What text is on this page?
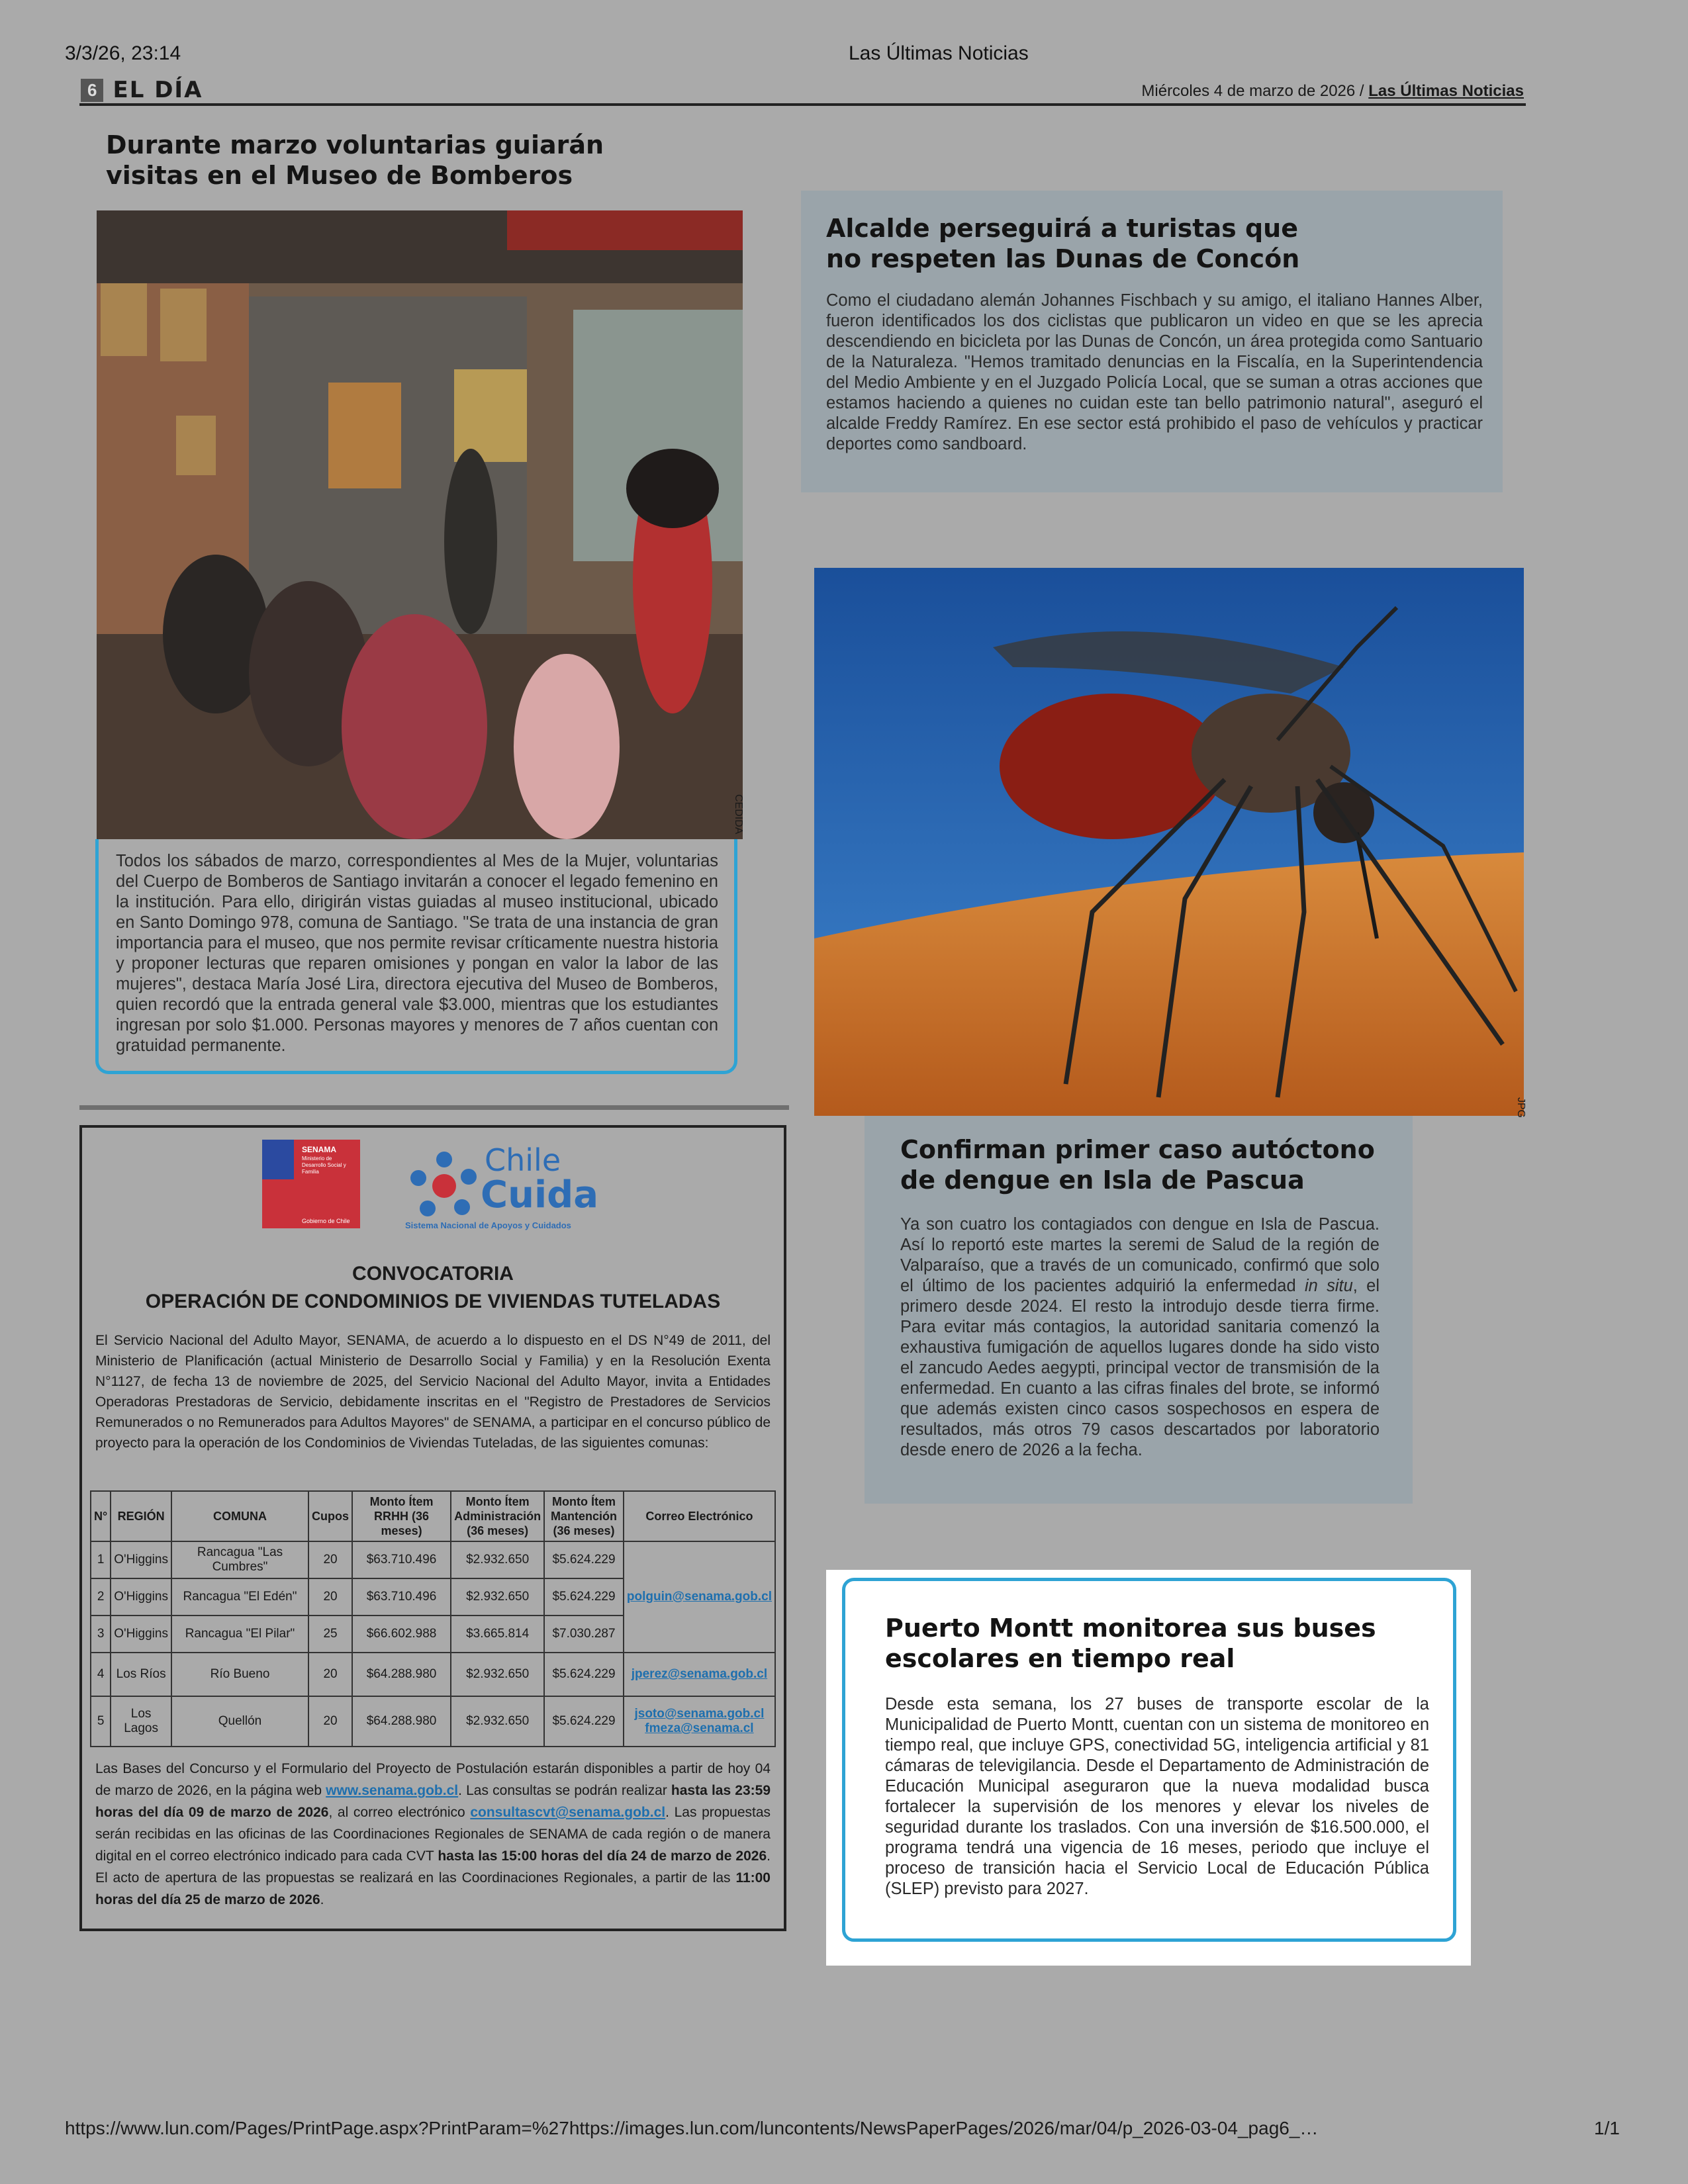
3/3/26, 23:14	Las Últimas Noticias
6 EL DÍA	Miércoles 4 de marzo de 2026 / Las Últimas Noticias
Durante marzo voluntarias guiarán
visitas en el Museo de Bomberos
CEDIDA
Todos los sábados de marzo, correspondientes al Mes de la Mujer, voluntarias del Cuerpo de Bomberos de Santiago invitarán a conocer el legado femenino en la institución. Para ello, dirigirán vistas guiadas al museo institucional, ubicado en Santo Domingo 978, comuna de Santiago. "Se trata de una instancia de gran importancia para el museo, que nos permite revisar críticamente nuestra historia y proponer lecturas que reparen omisiones y pongan en valor la labor de las mujeres", destaca María José Lira, directora ejecutiva del Museo de Bomberos, quien recordó que la entrada general vale $3.000, mientras que los estudiantes ingresan por solo $1.000. Personas mayores y menores de 7 años cuentan con gratuidad permanente.
Alcalde perseguirá a turistas que
no respeten las Dunas de Concón
Como el ciudadano alemán Johannes Fischbach y su amigo, el italiano Hannes Alber, fueron identificados los dos ciclistas que publicaron un video en que se les aprecia descendiendo en bicicleta por las Dunas de Concón, un área protegida como Santuario de la Naturaleza. "Hemos tramitado denuncias en la Fiscalía, en la Superintendencia del Medio Ambiente y en el Juzgado Policía Local, que se suman a otras acciones que estamos haciendo a quienes no cuidan este tan bello patrimonio natural", aseguró el alcalde Freddy Ramírez. En ese sector está prohibido el paso de vehículos y practicar deportes como sandboard.
JPG
Confirman primer caso autóctono
de dengue en Isla de Pascua
Ya son cuatro los contagiados con dengue en Isla de Pascua. Así lo reportó este martes la seremi de Salud de la región de Valparaíso, que a través de un comunicado, confirmó que solo el último de los pacientes adquirió la enfermedad in situ, el primero desde 2024. El resto la introdujo desde tierra firme. Para evitar más contagios, la autoridad sanitaria comenzó la exhaustiva fumigación de aquellos lugares donde ha sido visto el zancudo Aedes aegypti, principal vector de transmisión de la enfermedad. En cuanto a las cifras finales del brote, se informó que además existen cinco casos sospechosos en espera de resultados, más otros 79 casos descartados por laboratorio desde enero de 2026 a la fecha.
Puerto Montt monitorea sus buses
escolares en tiempo real
Desde esta semana, los 27 buses de transporte escolar de la Municipalidad de Puerto Montt, cuentan con un sistema de monitoreo en tiempo real, que incluye GPS, conectividad 5G, inteligencia artificial y 81 cámaras de televigilancia. Desde el Departamento de Administración de Educación Municipal aseguraron que la nueva modalidad busca fortalecer la supervisión de los menores y elevar los niveles de seguridad durante los traslados. Con una inversión de $16.500.000, el programa tendrá una vigencia de 16 meses, periodo que incluye el proceso de transición hacia el Servicio Local de Educación Pública (SLEP) previsto para 2027.
SENAMA
Ministerio de Desarrollo Social y Familia
Gobierno de Chile
Chile
Cuida
Sistema Nacional de Apoyos y Cuidados
CONVOCATORIA
OPERACIÓN DE CONDOMINIOS DE VIVIENDAS TUTELADAS
El Servicio Nacional del Adulto Mayor, SENAMA, de acuerdo a lo dispuesto en el DS N°49 de 2011, del Ministerio de Planificación (actual Ministerio de Desarrollo Social y Familia) y en la Resolución Exenta N°1127, de fecha 13 de noviembre de 2025, del Servicio Nacional del Adulto Mayor, invita a Entidades Operadoras Prestadoras de Servicio, debidamente inscritas en el "Registro de Prestadores de Servicios Remunerados o no Remunerados para Adultos Mayores" de SENAMA, a participar en el concurso público de proyecto para la operación de los Condominios de Viviendas Tuteladas, de las siguientes comunas:
N°	REGIÓN	COMUNA	Cupos	Monto Ítem RRHH (36 meses)	Monto Ítem Administración (36 meses)	Monto Ítem Mantención (36 meses)	Correo Electrónico
1	O'Higgins	Rancagua "Las Cumbres"	20	$63.710.496	$2.932.650	$5.624.229	polguin@senama.gob.cl
2	O'Higgins	Rancagua "El Edén"	20	$63.710.496	$2.932.650	$5.624.229	
3	O'Higgins	Rancagua "El Pilar"	25	$66.602.988	$3.665.814	$7.030.287	
4	Los Ríos	Río Bueno	20	$64.288.980	$2.932.650	$5.624.229	jperez@senama.gob.cl
5	Los Lagos	Quellón	20	$64.288.980	$2.932.650	$5.624.229	jsoto@senama.gob.cl
fmeza@senama.cl
Las Bases del Concurso y el Formulario del Proyecto de Postulación estarán disponibles a partir de hoy 04 de marzo de 2026, en la página web www.senama.gob.cl. Las consultas se podrán realizar hasta las 23:59 horas del día 09 de marzo de 2026, al correo electrónico consultascvt@senama.gob.cl. Las propuestas serán recibidas en las oficinas de las Coordinaciones Regionales de SENAMA de cada región o de manera digital en el correo electrónico indicado para cada CVT hasta las 15:00 horas del día 24 de marzo de 2026. El acto de apertura de las propuestas se realizará en las Coordinaciones Regionales, a partir de las 11:00 horas del día 25 de marzo de 2026.
https://www.lun.com/Pages/PrintPage.aspx?PrintParam=%27https://images.lun.com/luncontents/NewsPaperPages/2026/mar/04/p_2026-03-04_pag6_…	1/1
